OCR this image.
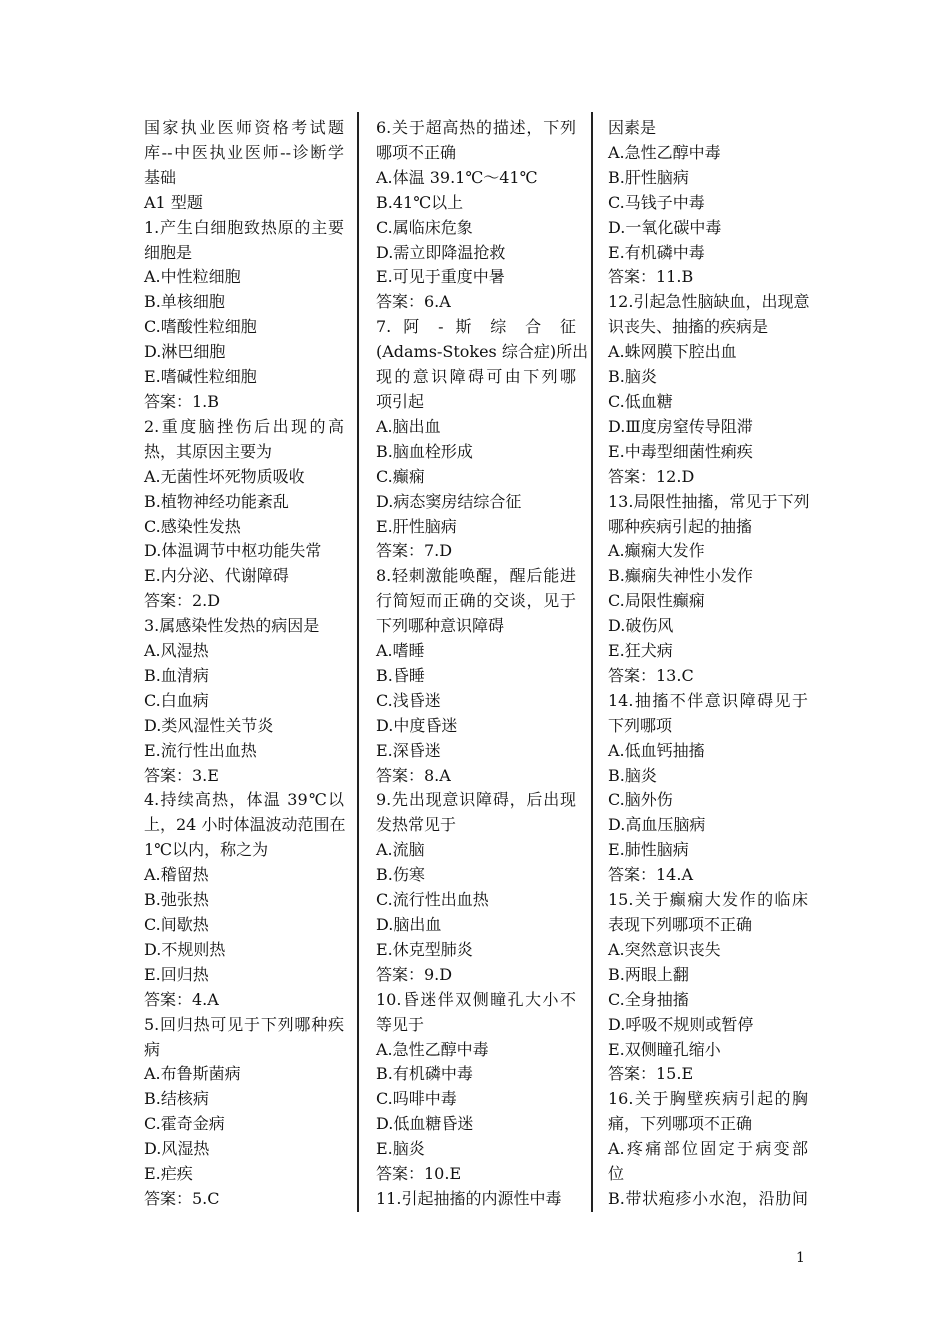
国家执业医师资格考试题
库--中医执业医师--诊断学
基础
A1 型题
1.产生白细胞致热原的主要
细胞是
A.中性粒细胞
B.单核细胞
C.嗜酸性粒细胞
D.淋巴细胞
E.嗜碱性粒细胞
答案：1.B
2.重度脑挫伤后出现的高
热，其原因主要为
A.无菌性坏死物质吸收
B.植物神经功能紊乱
C.感染性发热
D.体温调节中枢功能失常
E.内分泌、代谢障碍
答案：2.D
3.属感染性发热的病因是
A.风湿热
B.血清病
C.白血病
D.类风湿性关节炎
E.流行性出血热
答案：3.E
4.持续高热，体温 39℃以
上，24 小时体温波动范围在
1℃以内，称之为
A.稽留热
B.弛张热
C.间歇热
D.不规则热
E.回归热
答案：4.A
5.回归热可见于下列哪种疾
病
A.布鲁斯菌病
B.结核病
C.霍奇金病
D.风湿热
E.疟疾
答案：5.C
6.关于超高热的描述，下列
哪项不正确
A.体温 39.1℃～41℃
B.41℃以上
C.属临床危象
D.需立即降温抢救
E.可见于重度中暑
答案：6.A
7. 阿 - 斯 综 合 征
(Adams-Stokes 综合症)所出
现的意识障碍可由下列哪
项引起
A.脑出血
B.脑血栓形成
C.癫痫
D.病态窦房结综合征
E.肝性脑病
答案：7.D
8.轻刺激能唤醒，醒后能进
行简短而正确的交谈，见于
下列哪种意识障碍
A.嗜睡
B.昏睡
C.浅昏迷
D.中度昏迷
E.深昏迷
答案：8.A
9.先出现意识障碍，后出现
发热常见于
A.流脑
B.伤寒
C.流行性出血热
D.脑出血
E.休克型肺炎
答案：9.D
10.昏迷伴双侧瞳孔大小不
等见于
A.急性乙醇中毒
B.有机磷中毒
C.吗啡中毒
D.低血糖昏迷
E.脑炎
答案：10.E
11.引起抽搐的内源性中毒
因素是
A.急性乙醇中毒
B.肝性脑病
C.马钱子中毒
D.一氧化碳中毒
E.有机磷中毒
答案：11.B
12.引起急性脑缺血，出现意
识丧失、抽搐的疾病是
A.蛛网膜下腔出血
B.脑炎
C.低血糖
D.Ⅲ度房窒传导阻滞
E.中毒型细菌性痢疾
答案：12.D
13.局限性抽搐，常见于下列
哪种疾病引起的抽搐
A.癫痫大发作
B.癫痫失神性小发作
C.局限性癫痫
D.破伤风
E.狂犬病
答案：13.C
14.抽搐不伴意识障碍见于
下列哪项
A.低血钙抽搐
B.脑炎
C.脑外伤
D.高血压脑病
E.肺性脑病
答案：14.A
15.关于癫痫大发作的临床
表现下列哪项不正确
A.突然意识丧失
B.两眼上翻
C.全身抽搐
D.呼吸不规则或暂停
E.双侧瞳孔缩小
答案：15.E
16.关于胸壁疾病引起的胸
痛，下列哪项不正确
A.疼痛部位固定于病变部
位
B.带状疱疹小水泡，沿肋间
1
